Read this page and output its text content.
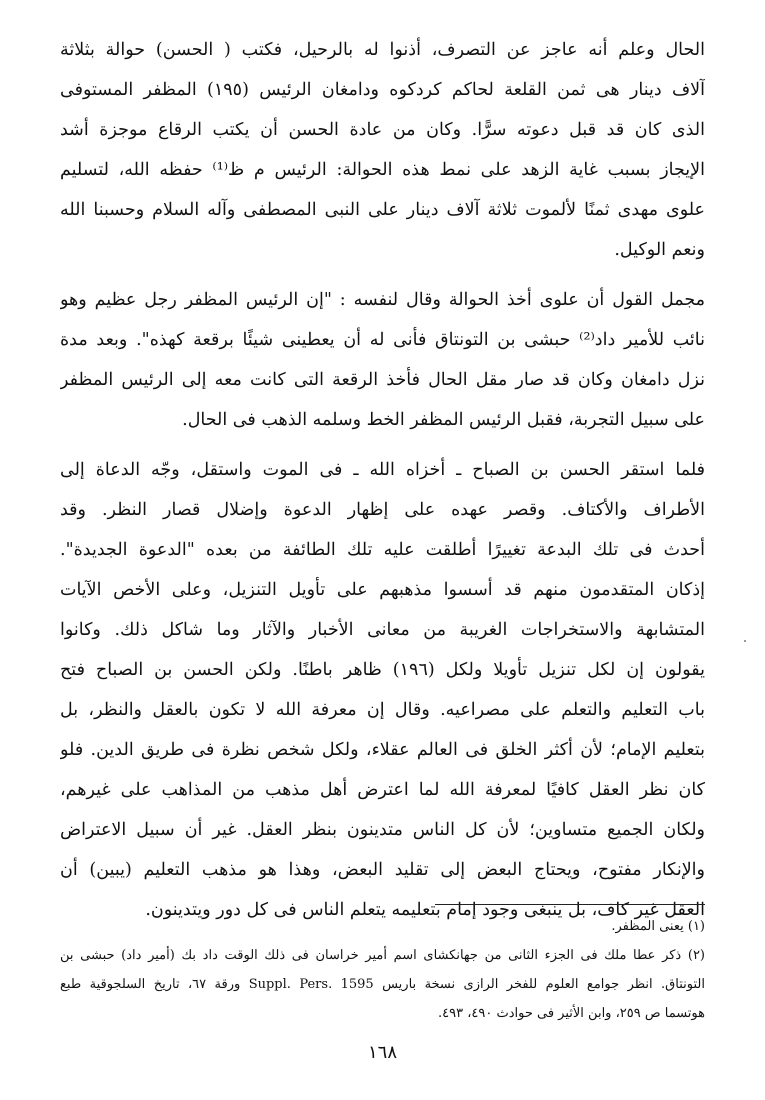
الحال وعلم أنه عاجز عن التصرف، أذنوا له بالرحيل، فكتب ( الحسن) حوالة بثلاثة
آلاف دينار هى ثمن القلعة لحاكم كردكوه ودامغان الرئيس (١٩٥) المظفر المستوفى
الذى كان قد قبل دعوته سرًّا. وكان من عادة الحسن أن يكتب الرقاع موجزة أشد
الإيجاز بسبب غاية الزهد على نمط هذه الحوالة: الرئيس م ظ⁽¹⁾ حفظه الله، لتسليم
علوى مهدى ثمنًا لألموت ثلاثة آلاف دينار على النبى المصطفى وآله السلام وحسبنا الله
ونعم الوكيل.
مجمل القول أن علوى أخذ الحوالة وقال لنفسه : "إن الرئيس المظفر رجل عظيم وهو
نائب للأمير داد⁽²⁾ حبشى بن التونتاق فأنى له أن يعطينى شيئًا برقعة كهذه". وبعد مدة
نزل دامغان وكان قد صار مقل الحال فأخذ الرقعة التى كانت معه إلى الرئيس المظفر
على سبيل التجربة، فقبل الرئيس المظفر الخط وسلمه الذهب فى الحال.
فلما استقر الحسن بن الصباح ـ أخزاه الله ـ فى الموت واستقل، وجّه الدعاة إلى
الأطراف والأكتاف. وقصر عهده على إظهار الدعوة وإضلال قصار النظر. وقد
أحدث فى تلك البدعة تغييرًا أطلقت عليه تلك الطائفة من بعده "الدعوة الجديدة".
إذكان المتقدمون منهم قد أسسوا مذهبهم على تأويل التنزيل، وعلى الأخص الآيات
المتشابهة والاستخراجات الغريبة من معانى الأخبار والآثار وما شاكل ذلك. وكانوا
يقولون إن لكل تنزيل تأويلا ولكل (١٩٦) ظاهر باطنًا. ولكن الحسن بن الصباح فتح
باب التعليم والتعلم على مصراعيه. وقال إن معرفة الله لا تكون بالعقل والنظر، بل
بتعليم الإمام؛ لأن أكثر الخلق فى العالم عقلاء، ولكل شخص نظرة فى طريق الدين. فلو
كان نظر العقل كافيًا لمعرفة الله لما اعترض أهل مذهب من المذاهب على غيرهم،
ولكان الجميع متساوين؛ لأن كل الناس متدينون بنظر العقل. غير أن سبيل الاعتراض
والإنكار مفتوح، ويحتاج البعض إلى تقليد البعض، وهذا هو مذهب التعليم (يبين) أن
العقل غير كاف، بل ينبغى وجود إمام بتعليمه يتعلم الناس فى كل دور ويتدينون.
(١) يعنى المظفر.
(٢) ذكر عطا ملك فى الجزء الثانى من جهانكشاى اسم أمير خراسان فى ذلك الوقت داد بك (أمير داد) حبشى بن
التونتاق. انظر جوامع العلوم للفخر الرازى نسخة باريس Suppl. Pers. 1595 ورقة ٦٧، تاريخ السلجوقية طبع
هوتسما ص ٢٥٩، وابن الأثير فى حوادث ٤٩٠، ٤٩٣.
١٦٨
